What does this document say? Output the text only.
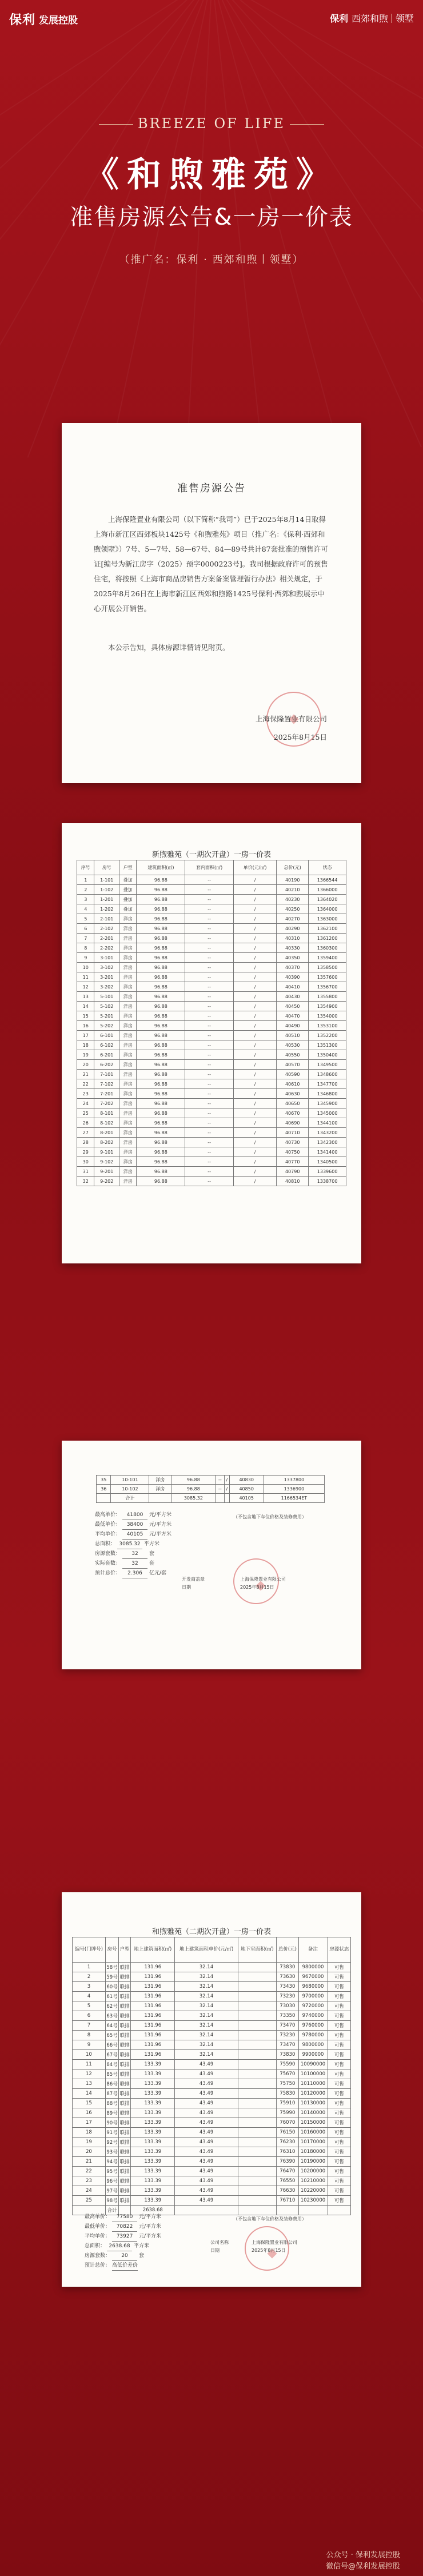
保利 发展控股	保利 西郊和煦 领墅
BREEZE OF LIFE
《和煦雅苑》
准售房源公告&一房一价表
（推广名：保利 · 西郊和煦丨领墅）
准售房源公告
上海保隆置业有限公司（以下简称“我司”）已于2025年8月14日取得上海市新江区西郊板块1425号《和煦雅苑》项目（推广名：《保利·西郊和煦领墅》）7号、5—7号、58—67号、84—89号共计87套批准的预售许可证[编号为新江房字（2025）预字0000223号]。我司根据政府许可的预售住宅，将按照《上海市商品房销售方案备案管理暂行办法》相关规定，于2025年8月26日在上海市新江区西郊和煦路1425号保利·西郊和煦展示中心开展公开销售。
本公示告知，具体房源详情请见附页。
上海保隆置业有限公司
2025年8月15日
新煦雅苑（一期次开盘）一房一价表
序号	房号	户型	建筑面积(㎡)	套内面积(㎡)	单价(元/㎡)	总价(元)	状态
1	1-101	叠加	96.88	--	/	40190	1366544
2	1-102	叠加	96.88	--	/	40210	1366000
3	1-201	叠加	96.88	--	/	40230	1364020
4	1-202	叠加	96.88	--	/	40250	1364000
5	2-101	洋房	96.88	--	/	40270	1363000
6	2-102	洋房	96.88	--	/	40290	1362100
7	2-201	洋房	96.88	--	/	40310	1361200
8	2-202	洋房	96.88	--	/	40330	1360300
9	3-101	洋房	96.88	--	/	40350	1359400
10	3-102	洋房	96.88	--	/	40370	1358500
11	3-201	洋房	96.88	--	/	40390	1357600
12	3-202	洋房	96.88	--	/	40410	1356700
13	5-101	洋房	96.88	--	/	40430	1355800
14	5-102	洋房	96.88	--	/	40450	1354900
15	5-201	洋房	96.88	--	/	40470	1354000
16	5-202	洋房	96.88	--	/	40490	1353100
17	6-101	洋房	96.88	--	/	40510	1352200
18	6-102	洋房	96.88	--	/	40530	1351300
19	6-201	洋房	96.88	--	/	40550	1350400
20	6-202	洋房	96.88	--	/	40570	1349500
21	7-101	洋房	96.88	--	/	40590	1348600
22	7-102	洋房	96.88	--	/	40610	1347700
23	7-201	洋房	96.88	--	/	40630	1346800
24	7-202	洋房	96.88	--	/	40650	1345900
25	8-101	洋房	96.88	--	/	40670	1345000
26	8-102	洋房	96.88	--	/	40690	1344100
27	8-201	洋房	96.88	--	/	40710	1343200
28	8-202	洋房	96.88	--	/	40730	1342300
29	9-101	洋房	96.88	--	/	40750	1341400
30	9-102	洋房	96.88	--	/	40770	1340500
31	9-201	洋房	96.88	--	/	40790	1339600
32	9-202	洋房	96.88	--	/	40810	1338700
35	10-101	洋房	96.88	--	/	40830	1337800
36	10-102	洋房	96.88	--	/	40850	1336900
	合计		3085.32			40105	1166534ET
最高单价： 41800 元/平方米
最低单价： 38400 元/平方米
平均单价： 40105 元/平方米
总面积： 3085.32 平方米
房源套数： 32 套
实际套数： 32 套
预计总价： 2.306 亿元/套
（不包含地下车位价格及装修费用）
开发商盖章
日期
上海保隆置业有限公司
2025年8月15日
和煦雅苑（二期次开盘）一房一价表
编号(门牌号)	房号	户型	地上建筑面积(㎡)	地上建筑面积单价(元/㎡)	地下室面积(㎡)	总价(元)	备注	房源状态
1	58号	联排	131.96	32.14		73830	9800000	可售
2	59号	联排	131.96	32.14		73630	9670000	可售
3	60号	联排	131.96	32.14		73430	9680000	可售
4	61号	联排	131.96	32.14		73230	9700000	可售
5	62号	联排	131.96	32.14		73030	9720000	可售
6	63号	联排	131.96	32.14		73350	9740000	可售
7	64号	联排	131.96	32.14		73470	9760000	可售
8	65号	联排	131.96	32.14		73230	9780000	可售
9	66号	联排	131.96	32.14		73470	9800000	可售
10	67号	联排	131.96	32.14		73830	9900000	可售
11	84号	联排	133.39	43.49		75590	10090000	可售
12	85号	联排	133.39	43.49		75670	10100000	可售
13	86号	联排	133.39	43.49		75750	10110000	可售
14	87号	联排	133.39	43.49		75830	10120000	可售
15	88号	联排	133.39	43.49		75910	10130000	可售
16	89号	联排	133.39	43.49		75990	10140000	可售
17	90号	联排	133.39	43.49		76070	10150000	可售
18	91号	联排	133.39	43.49		76150	10160000	可售
19	92号	联排	133.39	43.49		76230	10170000	可售
20	93号	联排	133.39	43.49		76310	10180000	可售
21	94号	联排	133.39	43.49		76390	10190000	可售
22	95号	联排	133.39	43.49		76470	10200000	可售
23	96号	联排	133.39	43.49		76550	10210000	可售
24	97号	联排	133.39	43.49		76630	10220000	可售
25	98号	联排	133.39	43.49		76710	10230000	可售
	合计		2638.68					
最高单价： 77580 元/平方米
最低单价： 70822 元/平方米
平均单价： 73927 元/平方米
总面积： 2638.68 平方米
房源套数： 20 套
预计总价： 高低价差价
（不包含地下车位价格及装修费用）
公司名称
日期
上海保隆置业有限公司
2025年8月15日
公众号 · 保利发展控股
微信号@保利发展控股
